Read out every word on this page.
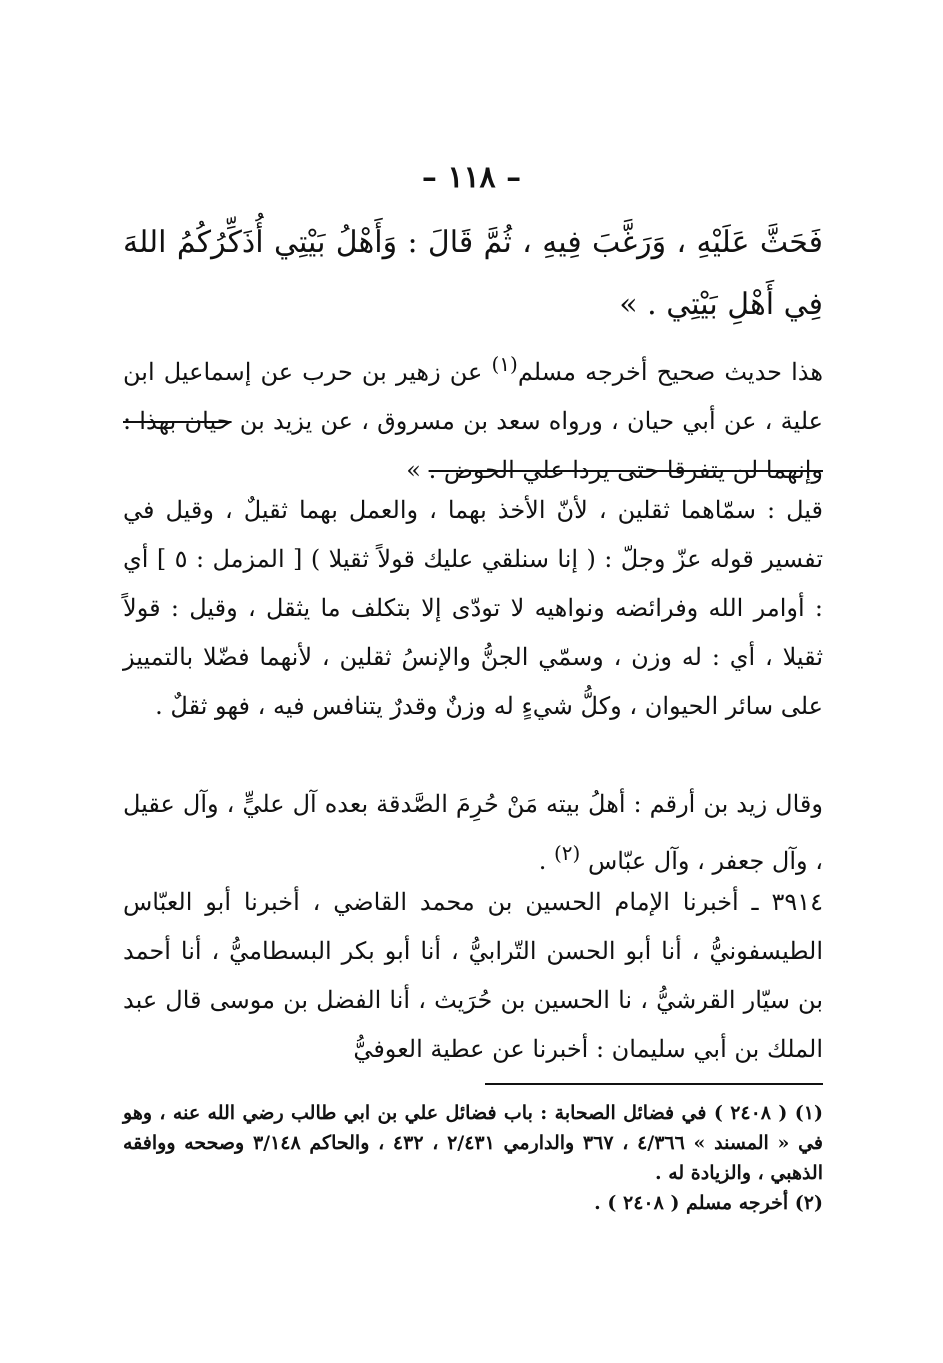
– ١١٨ –
فَحَثَّ عَلَيْهِ ، وَرَغَّبَ فِيهِ ، ثُمَّ قَالَ : وَأَهْلُ بَيْتِي أُذَكِّرُكُمُ اللهَ فِي أَهْلِ بَيْتِي . »
هذا حديث صحيح أخرجه مسلم$^{(١)}$ عن زهير بن حرب عن إسماعيل ابن علية ، عن أبي حيان ، ورواه سعد بن مسروق ، عن يزيد بن حيان بهذا : وإنهما لن يتفرقا حتى يردا علي الحوض . »
قيل : سمّاهما ثقلين ، لأنّ الأخذ بهما ، والعمل بهما ثقيلٌ ، وقيل في تفسير قوله عزّ وجلّ : ( إنا سنلقي عليك قولاً ثقيلا ) [ المزمل : ٥ ] أي : أوامر الله وفرائضه ونواهيه لا تودّى إلا بتكلف ما يثقل ، وقيل : قولاً ثقيلا ، أي : له وزن ، وسمّي الجنُّ والإنسُ ثقلين ، لأنهما فضّلا بالتمييز على سائر الحيوان ، وكلُّ شيءٍ له وزنٌ وقدرٌ يتنافس فيه ، فهو ثقلٌ .
وقال زيد بن أرقم : أهلُ بيته مَنْ حُرِمَ الصَّدقة بعده آل عليٍّ ، وآل عقيل ، وآل جعفر ، وآل عبّاس $^{(٢)}$ .
٣٩١٤ ـ أخبرنا الإمام الحسين بن محمد القاضي ، أخبرنا أبو العبّاس الطيسفونيُّ ، أنا أبو الحسن التّرابيُّ ، أنا أبو بكر البسطاميُّ ، أنا أحمد بن سيّار القرشيُّ ، نا الحسين بن حُرَيث ، أنا الفضل بن موسى قال عبد الملك بن أبي سليمان : أخبرنا عن عطية العوفيُّ

(١) ( ٢٤٠٨ ) في فضائل الصحابة : باب فضائل علي بن ابي طالب رضي الله عنه ، وهو في « المسند » ٤/٣٦٦ ، ٣٦٧ والدارمي ٢/٤٣١ ، ٤٣٢ ، والحاكم ٣/١٤٨ وصححه ووافقه الذهبي ، والزيادة له .

(٢) أخرجه مسلم ( ٢٤٠٨ ) .
